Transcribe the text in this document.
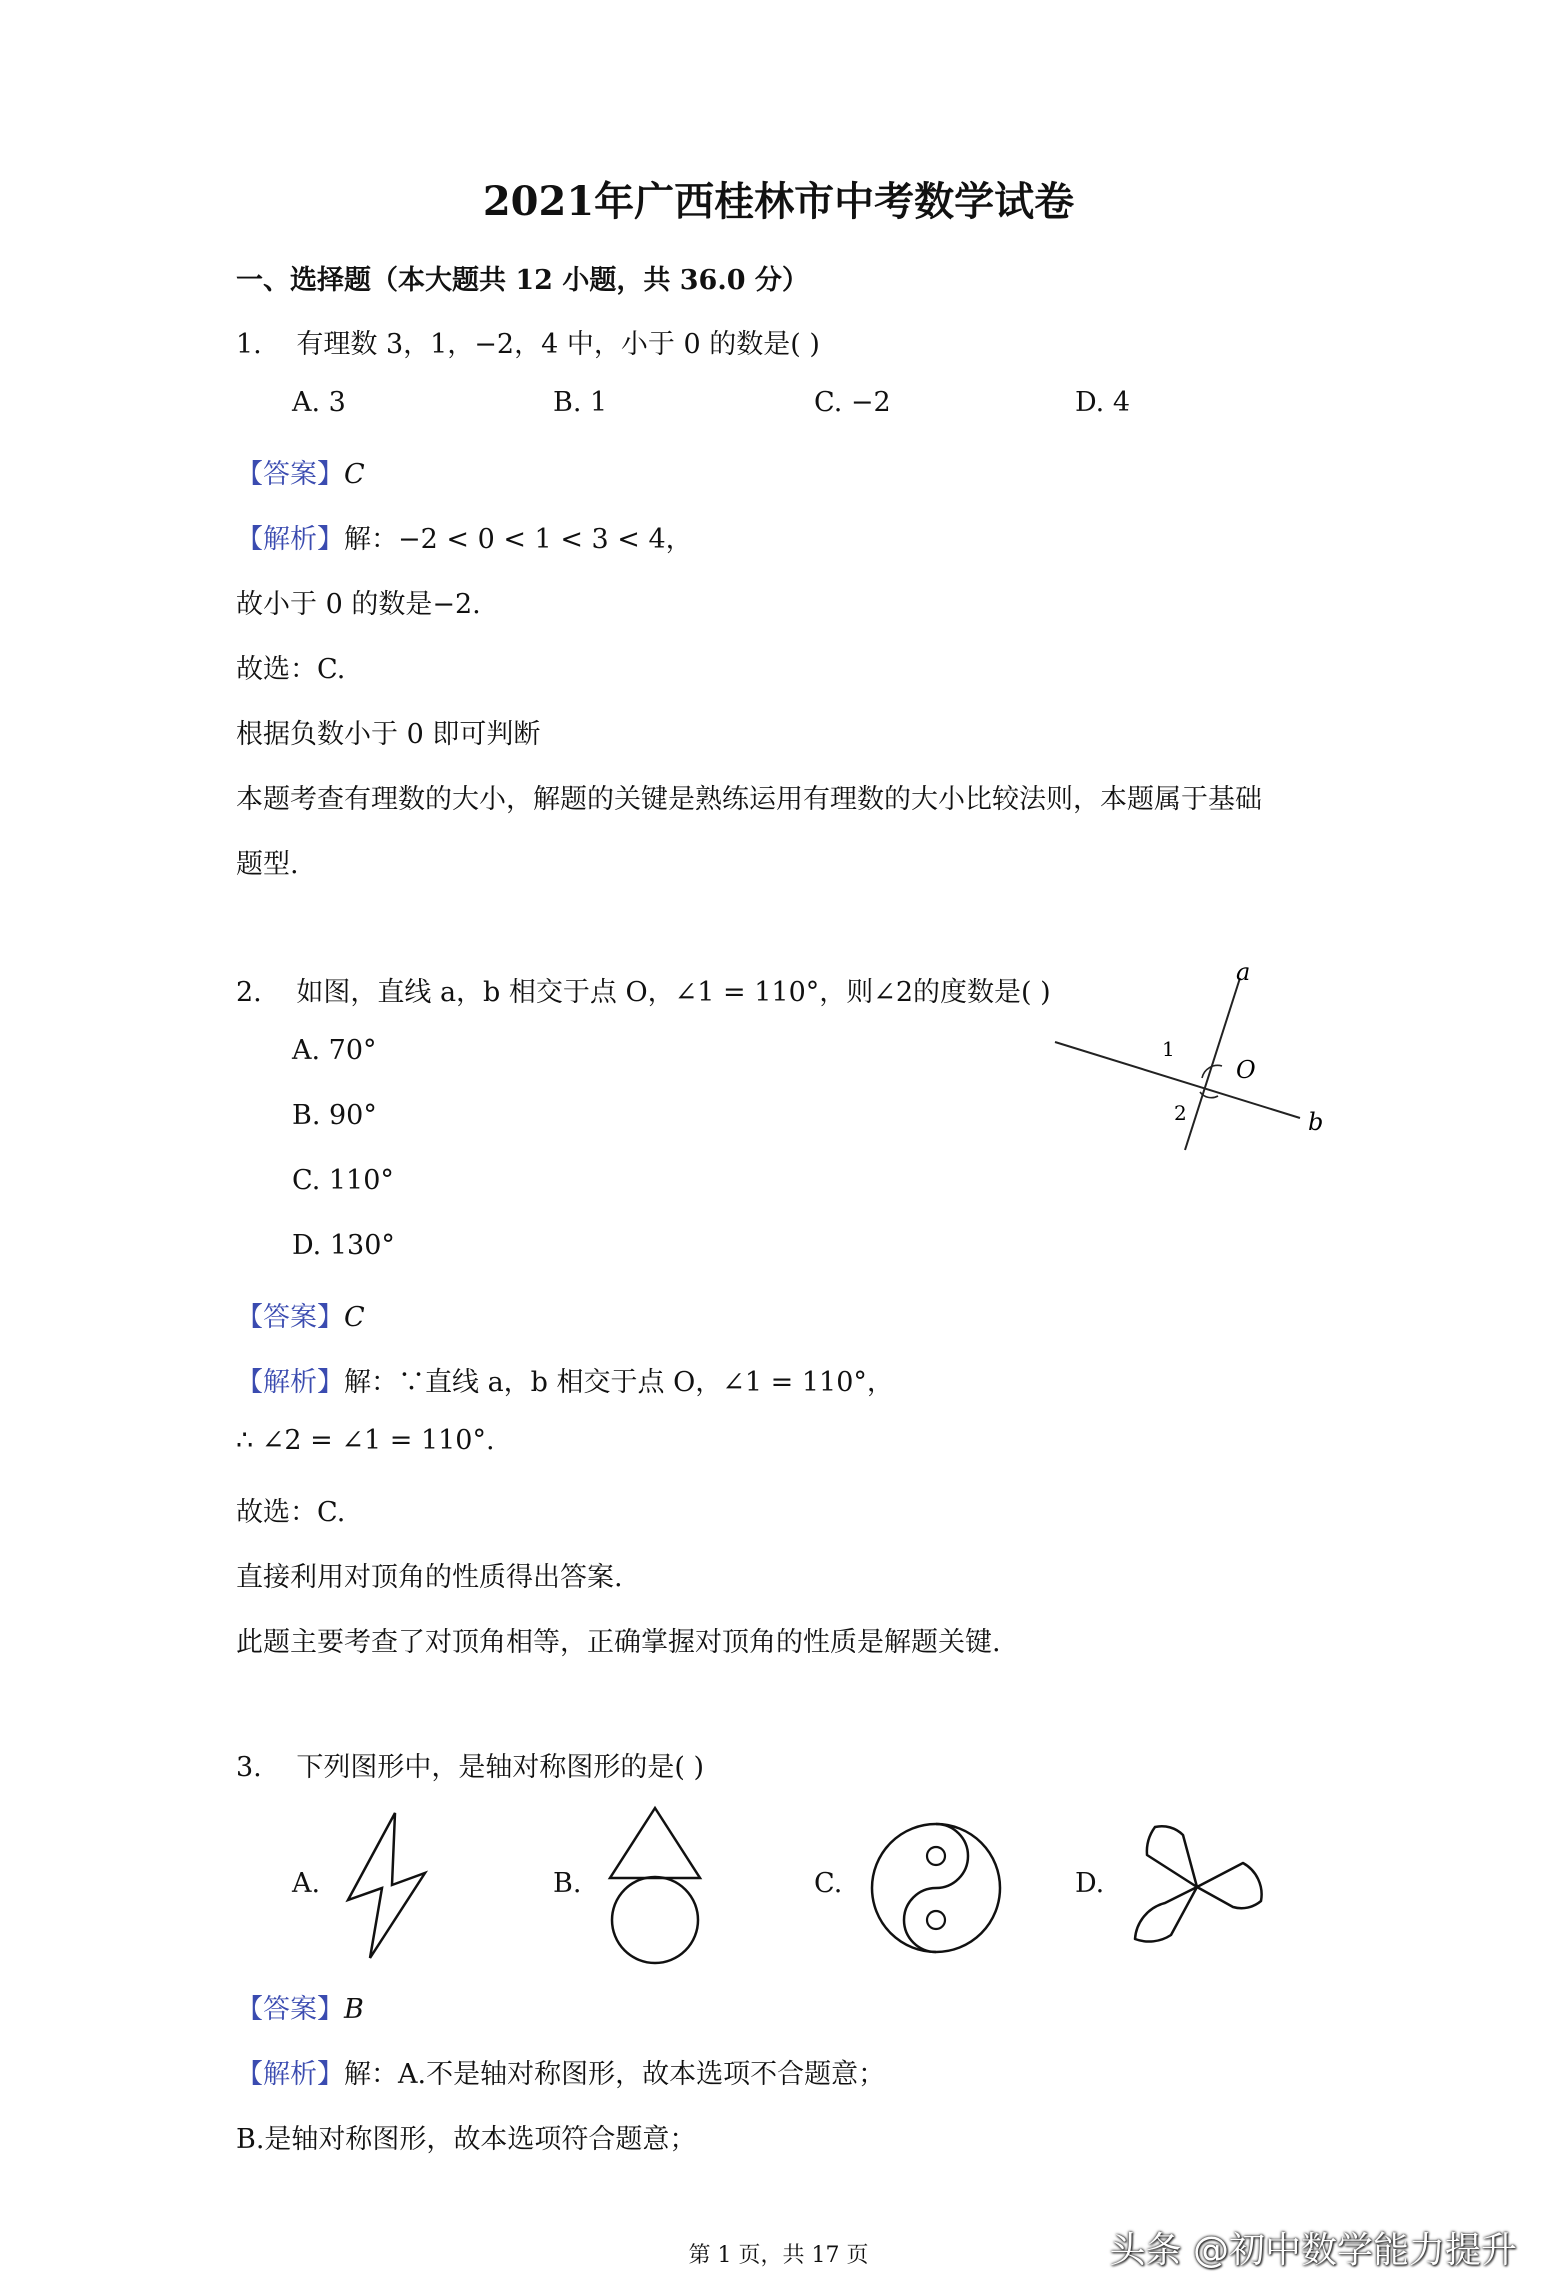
2021年广西桂林市中考数学试卷
一、选择题（本大题共 12 小题，共 36.0 分）
1. 有理数 3，1，−2，4 中，小于 0 的数是( )
A. 3	B. 1	C. −2	D. 4
【答案】C
【解析】解：−2 < 0 < 1 < 3 < 4，
故小于 0 的数是−2.
故选：C.
根据负数小于 0 即可判断
本题考查有理数的大小，解题的关键是熟练运用有理数的大小比较法则，本题属于基础
题型.
2. 如图，直线 a，b 相交于点 O，∠1 = 110°，则∠2的度数是( )
A. 70°
B. 90°
C. 110°
D. 130°
a
b
O
1
2
【答案】C
【解析】解：∵直线 a，b 相交于点 O，∠1 = 110°，
∴ ∠2 = ∠1 = 110°.
故选：C.
直接利用对顶角的性质得出答案.
此题主要考查了对顶角相等，正确掌握对顶角的性质是解题关键.
3. 下列图形中，是轴对称图形的是( )
A.	B.	C.	D.
【答案】B
【解析】解：A.不是轴对称图形，故本选项不合题意；
B.是轴对称图形，故本选项符合题意；
第 1 页，共 17 页	头条 @初中数学能力提升
